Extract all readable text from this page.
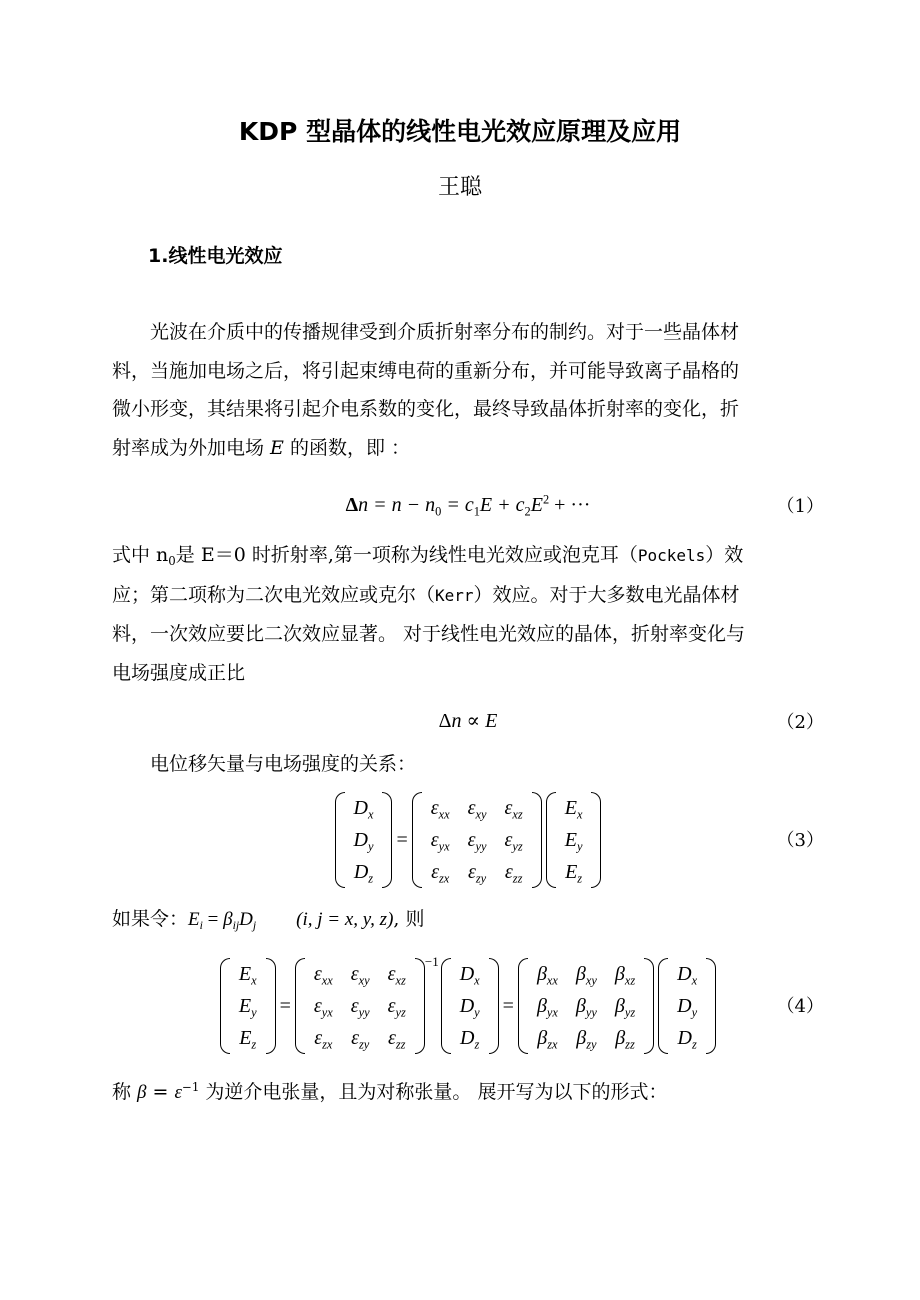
KDP 型晶体的线性电光效应原理及应用
王聪
1.线性电光效应

光波在介质中的传播规律受到介质折射率分布的制约。对于一些晶体材
料，当施加电场之后，将引起束缚电荷的重新分布，并可能导致离子晶格的
微小形变，其结果将引起介电系数的变化，最终导致晶体折射率的变化，折
射率成为外加电场 E 的函数，即 ：

$\Delta n = n - n_0 = c_1E + c_2E^2$ + ···	（1）

式中 $n_0$是 E＝0 时折射率,第一项称为线性电光效应或泡克耳（Pockels）效
应；第二项称为二次电光效应或克尔（Kerr）效应。对于大多数电光晶体材
料，一次效应要比二次效应显著。 对于线性电光效应的晶体，折射率变化与
电场强度成正比

Δn ∝ E	（2）

电位移矢量与电场强度的关系：

$D_x$
$D_y$
$D_z$
=
$\varepsilon_{xx}$	$\varepsilon_{xy}$	$\varepsilon_{xz}$
$\varepsilon_{yx}$	$\varepsilon_{yy}$	$\varepsilon_{yz}$
$\varepsilon_{zx}$	$\varepsilon_{zy}$	$\varepsilon_{zz}$
$E_x$
$E_y$
$E_z$
（3）

如果令：$E_i = \beta_{ij}D_j$ (i, j = x, y, z), 则

$E_x$
$E_y$
$E_z$
=
$\varepsilon_{xx}$	$\varepsilon_{xy}$	$\varepsilon_{xz}$
$\varepsilon_{yx}$	$\varepsilon_{yy}$	$\varepsilon_{yz}$
$\varepsilon_{zx}$	$\varepsilon_{zy}$	$\varepsilon_{zz}$
−1
$D_x$
$D_y$
$D_z$
=
$\beta_{xx}$	$\beta_{xy}$	$\beta_{xz}$
$\beta_{yx}$	$\beta_{yy}$	$\beta_{yz}$
$\beta_{zx}$	$\beta_{zy}$	$\beta_{zz}$
$D_x$
$D_y$
$D_z$
（4）

称 $\beta = \varepsilon^{-1}$ 为逆介电张量，且为对称张量。 展开写为以下的形式：
